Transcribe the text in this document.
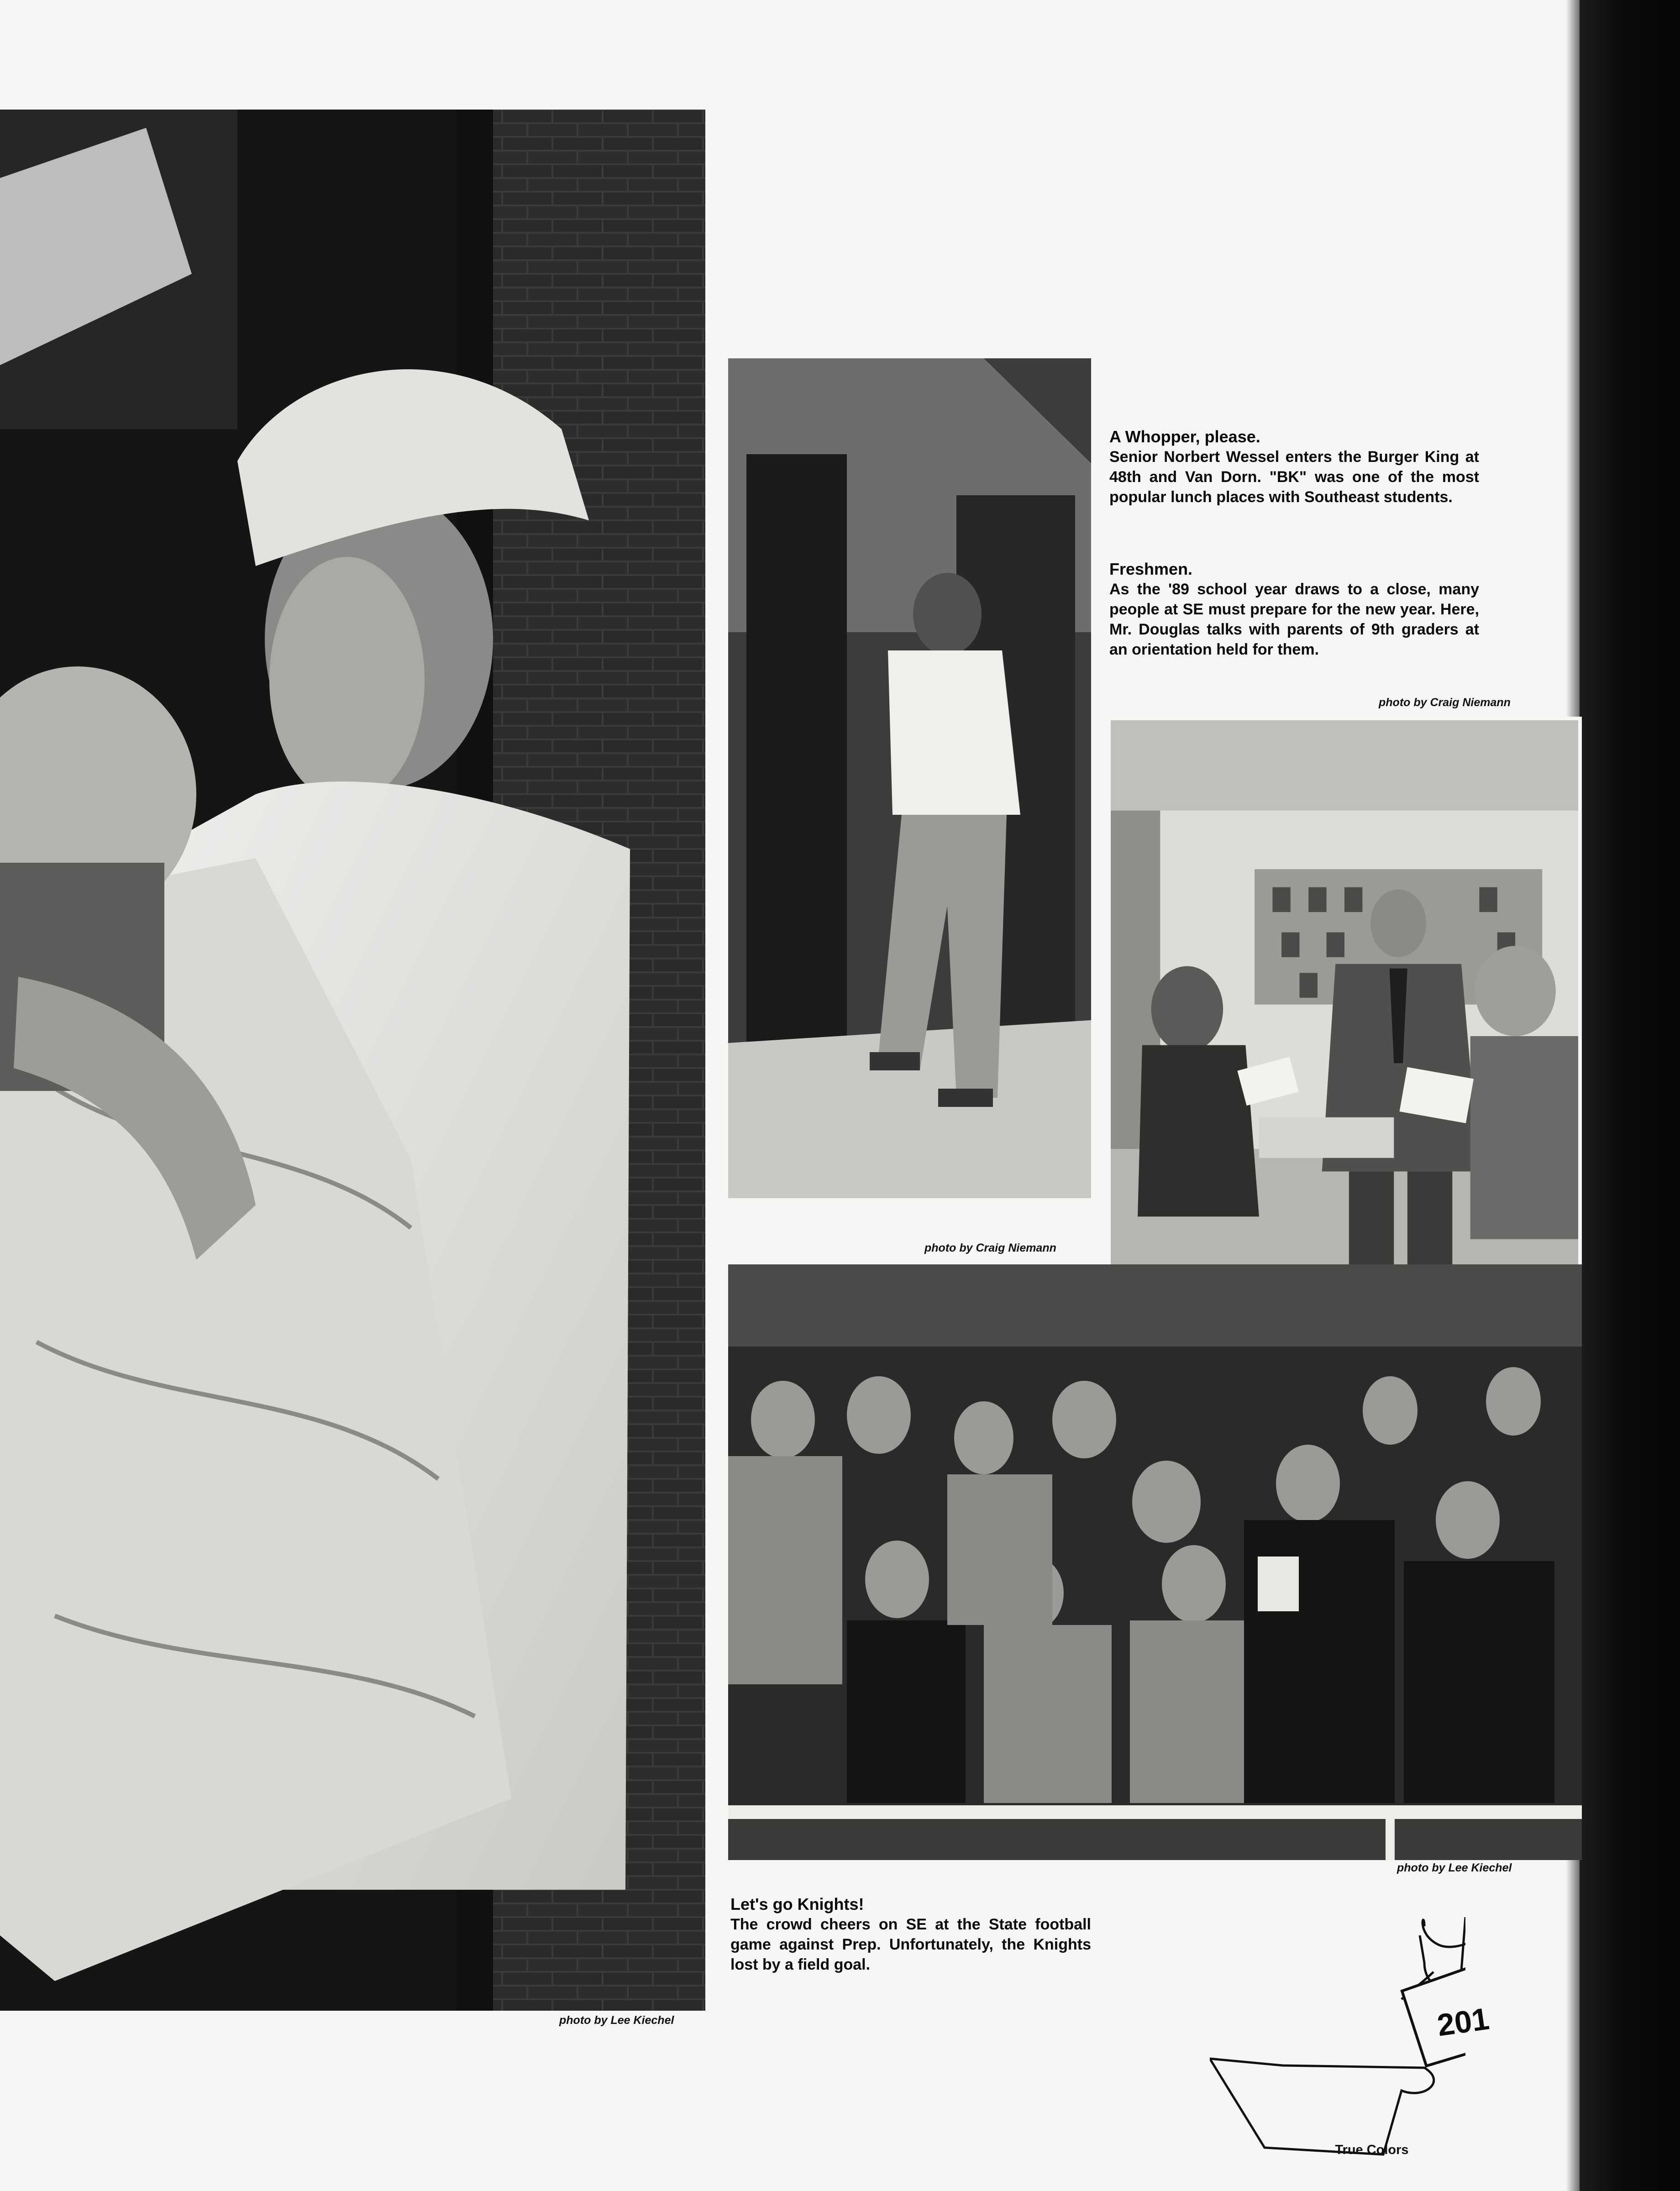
photo by Lee Kiechel
photo by Craig Niemann
A Whopper, please.
Senior Norbert Wessel enters the Burger King at 48th and Van Dorn. "BK" was one of the most popular lunch places with Southeast students.
Freshmen.
As the '89 school year draws to a close, many people at SE must prepare for the new year. Here, Mr. Douglas talks with parents of 9th graders at an orientation held for them.
photo by Craig Niemann
photo by Lee Kiechel
Let's go Knights!
The crowd cheers on SE at the State football game against Prep. Unfortunately, the Knights lost by a field goal.
201
True Colors
